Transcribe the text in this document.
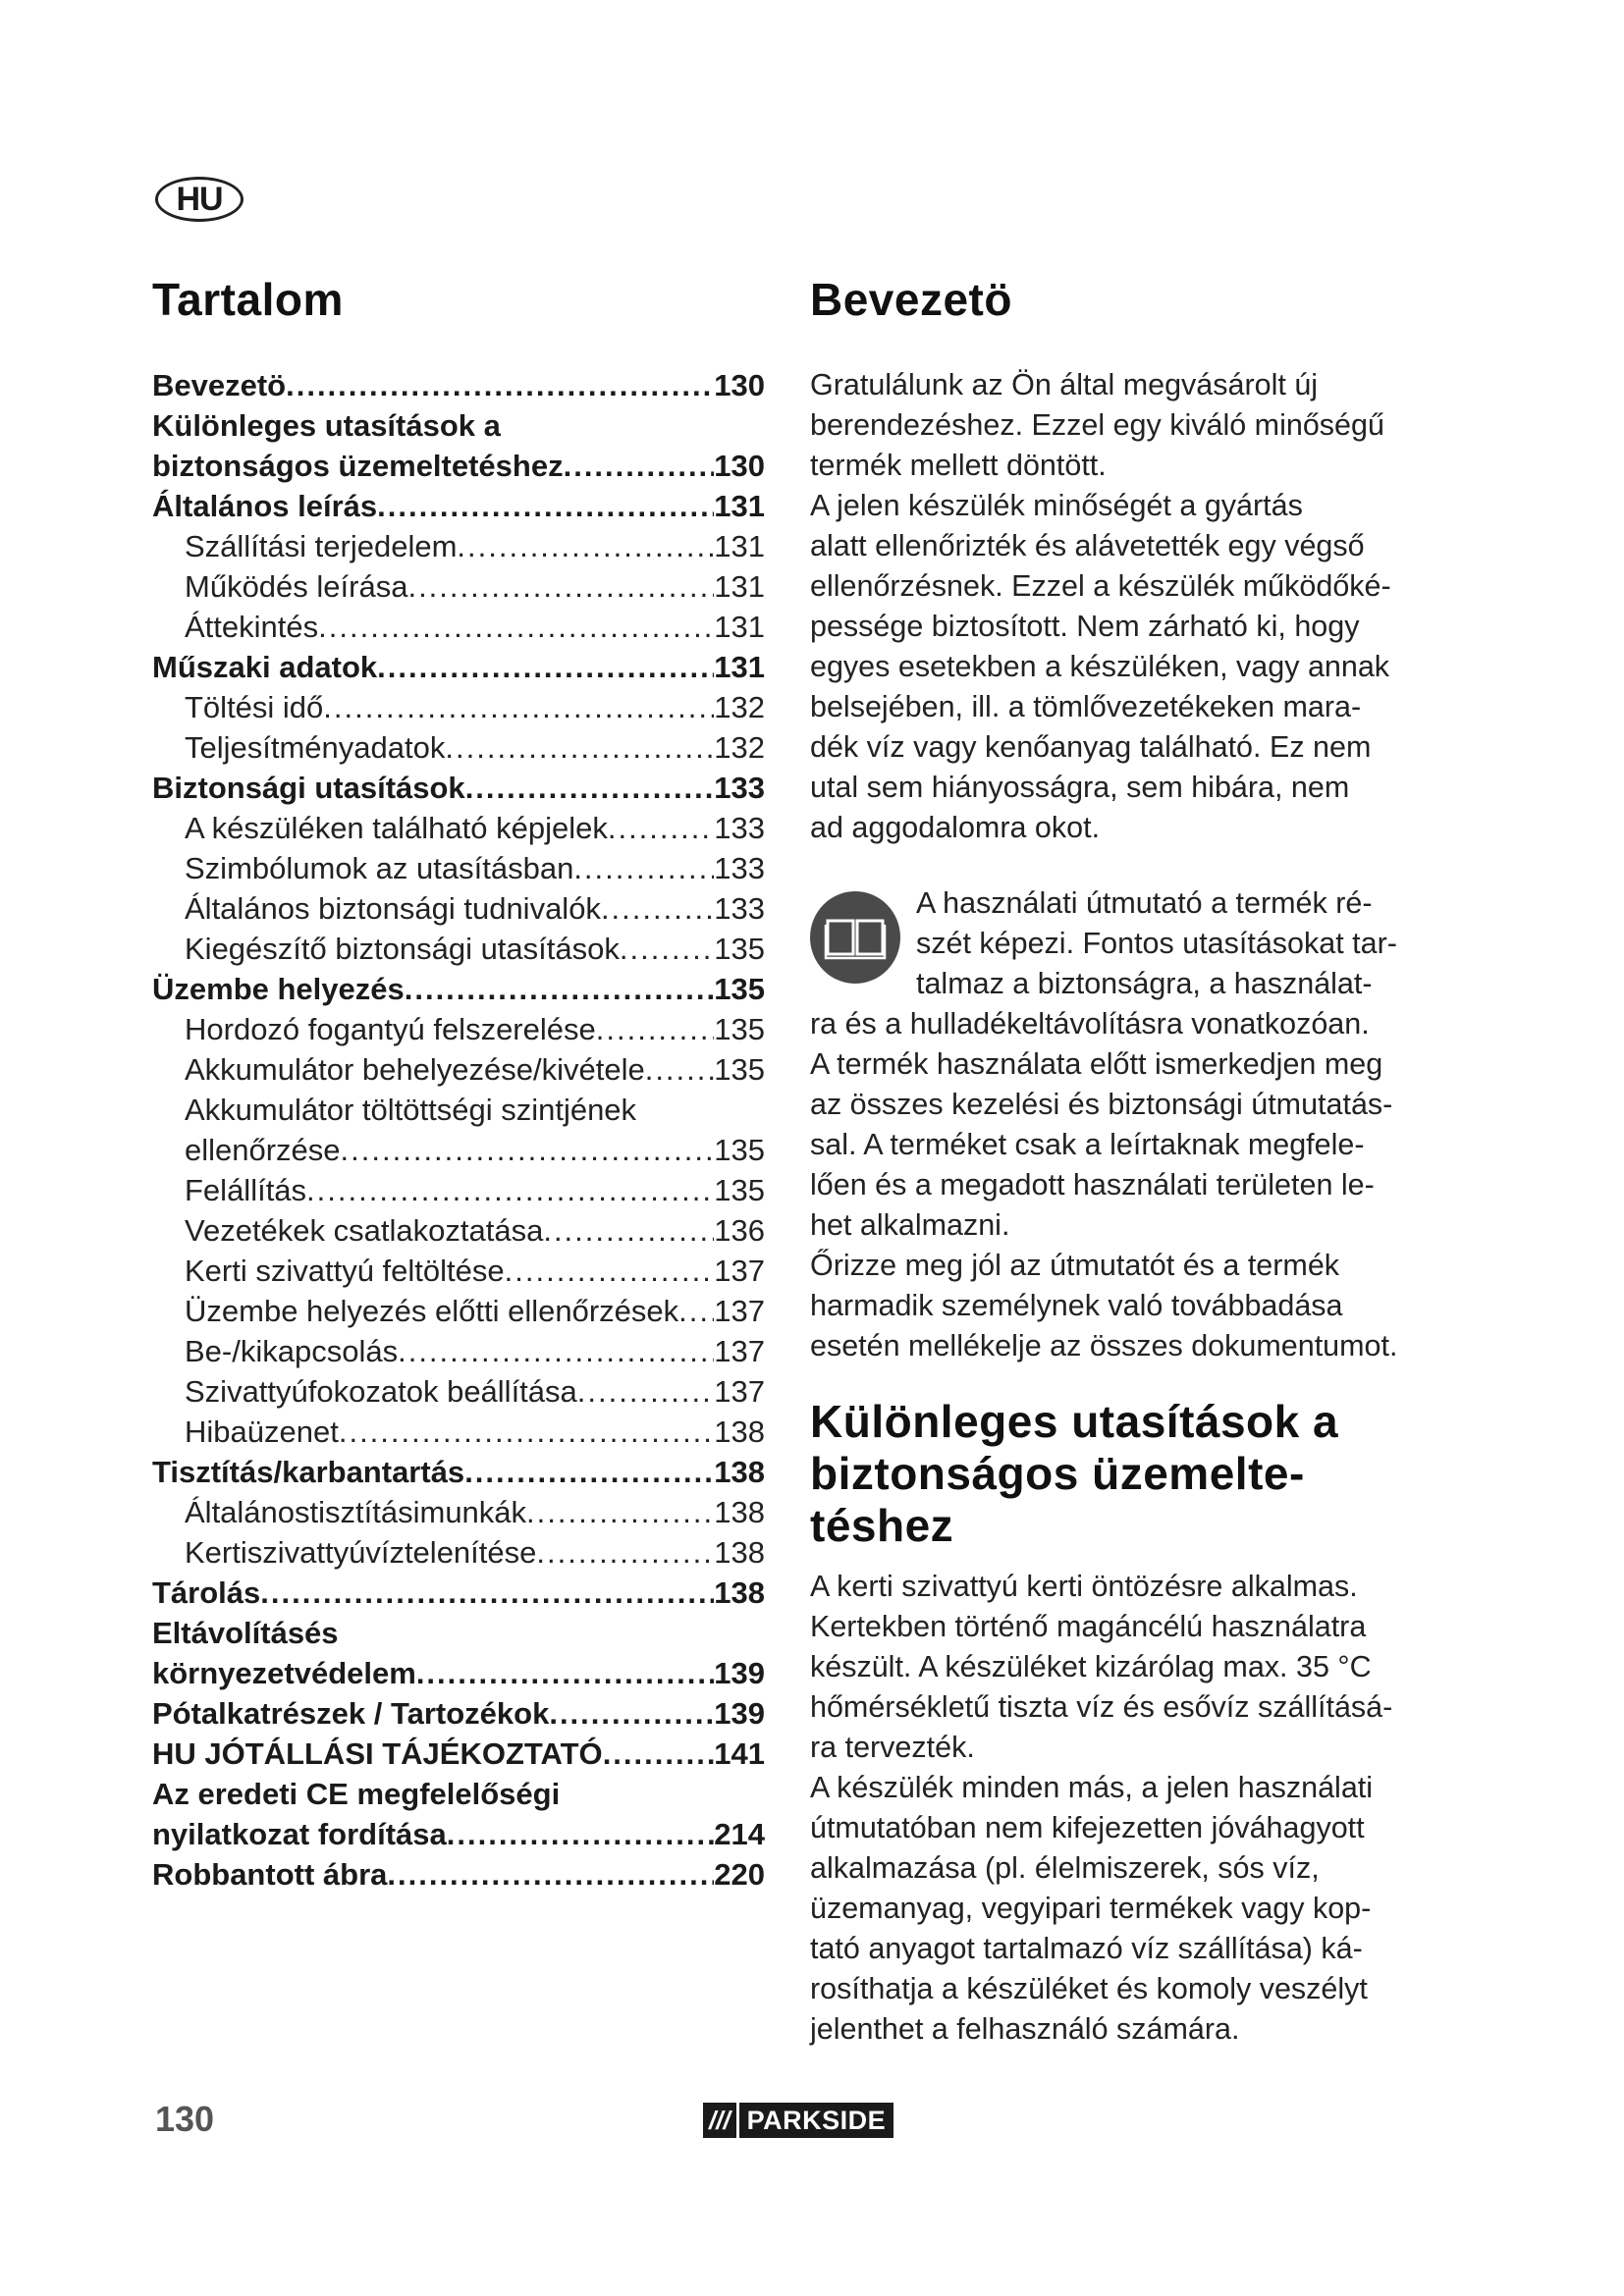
HU
Tartalom
Bevezetö .....	130
Különleges utasítások a
biztonságos üzemeltetéshez .....	130
Általános leírás .....	131
Szállítási terjedelem .....	131
Működés leírása .....	131
Áttekintés .....	131
Műszaki adatok .....	131
Töltési idő .....	132
Teljesítményadatok .....	132
Biztonsági utasítások .....	133
A készüléken található képjelek .....	133
Szimbólumok az utasításban .....	133
Általános biztonsági tudnivalók .....	133
Kiegészítő biztonsági utasítások .....	135
Üzembe helyezés .....	135
Hordozó fogantyú felszerelése .....	135
Akkumulátor behelyezése/kivétele ..... 135
Akkumulátor töltöttségi szintjének
ellenőrzése .....	135
Felállítás .....	135
Vezetékek csatlakoztatása .....	136
Kerti szivattyú feltöltése .....	137
Üzembe helyezés előtti ellenőrzések ..... 137
Be-/kikapcsolás .....	137
Szivattyúfokozatok beállítása .....	137
Hibaüzenet .....	138
Tisztítás/karbantartás .....	138
Általánostisztításimunkák .....	138
Kertiszivattyúvíztelenítése .....	138
Tárolás .....	138
Eltávolításés
környezetvédelem .....	139
Pótalkatrészek / Tartozékok .....	139
HU JÓTÁLLÁSI TÁJÉKOZTATÓ .....	141
Az eredeti CE megfelelőségi
nyilatkozat fordítása .....	214
Robbantott ábra .....	220
Bevezetö
Gratulálunk az Ön által megvásárolt új
berendezéshez. Ezzel egy kiváló minőségű
termék mellett döntött.
A jelen készülék minőségét a gyártás
alatt ellenőrizték és alávetették egy végső
ellenőrzésnek. Ezzel a készülék működőké-
pessége biztosított. Nem zárható ki, hogy
egyes esetekben a készüléken, vagy annak
belsejében, ill. a tömlővezetékeken mara-
dék víz vagy kenőanyag található. Ez nem
utal sem hiányosságra, sem hibára, nem
ad aggodalomra okot.
A használati útmutató a termék ré-
szét képezi. Fontos utasításokat tar-
talmaz a biztonságra, a használat-
ra és a hulladékeltávolításra vonatkozóan.
A termék használata előtt ismerkedjen meg
az összes kezelési és biztonsági útmutatás-
sal. A terméket csak a leírtaknak megfele-
lően és a megadott használati területen le-
het alkalmazni.
Őrizze meg jól az útmutatót és a termék
harmadik személynek való továbbadása
esetén mellékelje az összes dokumentumot.
Különleges utasítások a
biztonságos üzemelte-
téshez
A kerti szivattyú kerti öntözésre alkalmas.
Kertekben történő magáncélú használatra
készült. A készüléket kizárólag max. 35 °C
hőmérsékletű tiszta víz és esővíz szállításá-
ra tervezték.
A készülék minden más, a jelen használati
útmutatóban nem kifejezetten jóváhagyott
alkalmazása (pl. élelmiszerek, sós víz,
üzemanyag, vegyipari termékek vagy kop-
tató anyagot tartalmazó víz szállítása) ká-
rosíthatja a készüléket és komoly veszélyt
jelenthet a felhasználó számára.
130	/// PARKSIDE
